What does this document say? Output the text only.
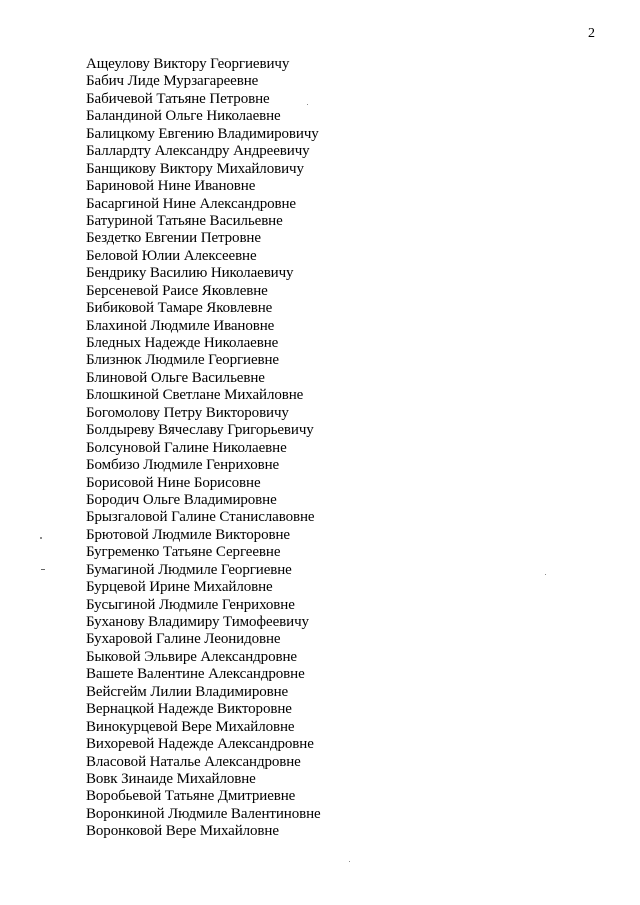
2
Ащеулову Виктору Георгиевичу
Бабич Лиде Мурзагареевне
Бабичевой Татьяне Петровне
Баландиной Ольге Николаевне
Балицкому Евгению Владимировичу
Баллардту Александру Андреевичу
Банщикову Виктору Михайловичу
Бариновой Нине Ивановне
Басаргиной Нине Александровне
Батуриной Татьяне Васильевне
Бездетко Евгении Петровне
Беловой Юлии Алексеевне
Бендрику Василию Николаевичу
Берсеневой Раисе Яковлевне
Бибиковой Тамаре Яковлевне
Блахиной Людмиле Ивановне
Бледных Надежде Николаевне
Близнюк Людмиле Георгиевне
Блиновой Ольге Васильевне
Блошкиной Светлане Михайловне
Богомолову Петру Викторовичу
Болдыреву Вячеславу Григорьевичу
Болсуновой Галине Николаевне
Бомбизо Людмиле Генриховне
Борисовой Нине Борисовне
Бородич Ольге Владимировне
Брызгаловой Галине Станиславовне
Брютовой Людмиле Викторовне
Бугременко Татьяне Сергеевне
Бумагиной Людмиле Георгиевне
Бурцевой Ирине Михайловне
Бусыгиной Людмиле Генриховне
Буханову Владимиру Тимофеевичу
Бухаровой Галине Леонидовне
Быковой Эльвире Александровне
Вашете Валентине Александровне
Вейсгейм Лилии Владимировне
Вернацкой Надежде Викторовне
Винокурцевой Вере Михайловне
Вихоревой Надежде Александровне
Власовой Наталье Александровне
Вовк Зинаиде Михайловне
Воробьевой Татьяне Дмитриевне
Воронкиной Людмиле Валентиновне
Воронковой Вере Михайловне
